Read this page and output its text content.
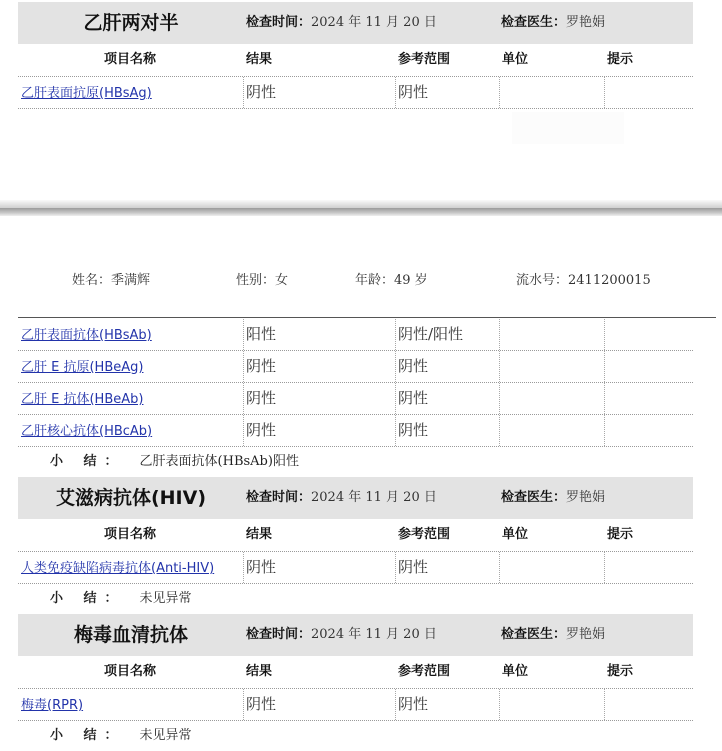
乙肝两对半	检查时间：2024 年 11 月 20 日	检查医生：罗艳娟
项目名称	结果	参考范围	单位	提示
乙肝表面抗原(HBsAg)	阴性	阴性
姓名：季满辉	性别：女	年龄：49 岁	流水号：2411200015
乙肝表面抗体(HBsAb)	阳性	阴性/阳性
乙肝 E 抗原(HBeAg)	阴性	阴性
乙肝 E 抗体(HBeAb)	阴性	阴性
乙肝核心抗体(HBcAb)	阴性	阴性
小 结： 乙肝表面抗体(HBsAb)阳性
艾滋病抗体(HIV)	检查时间：2024 年 11 月 20 日	检查医生：罗艳娟
项目名称	结果	参考范围	单位	提示
人类免疫缺陷病毒抗体(Anti-HIV) 阴性	阴性
小 结： 未见异常
梅毒血清抗体	检查时间：2024 年 11 月 20 日	检查医生：罗艳娟
项目名称	结果	参考范围	单位	提示
梅毒(RPR)	阴性	阴性
小 结： 未见异常
